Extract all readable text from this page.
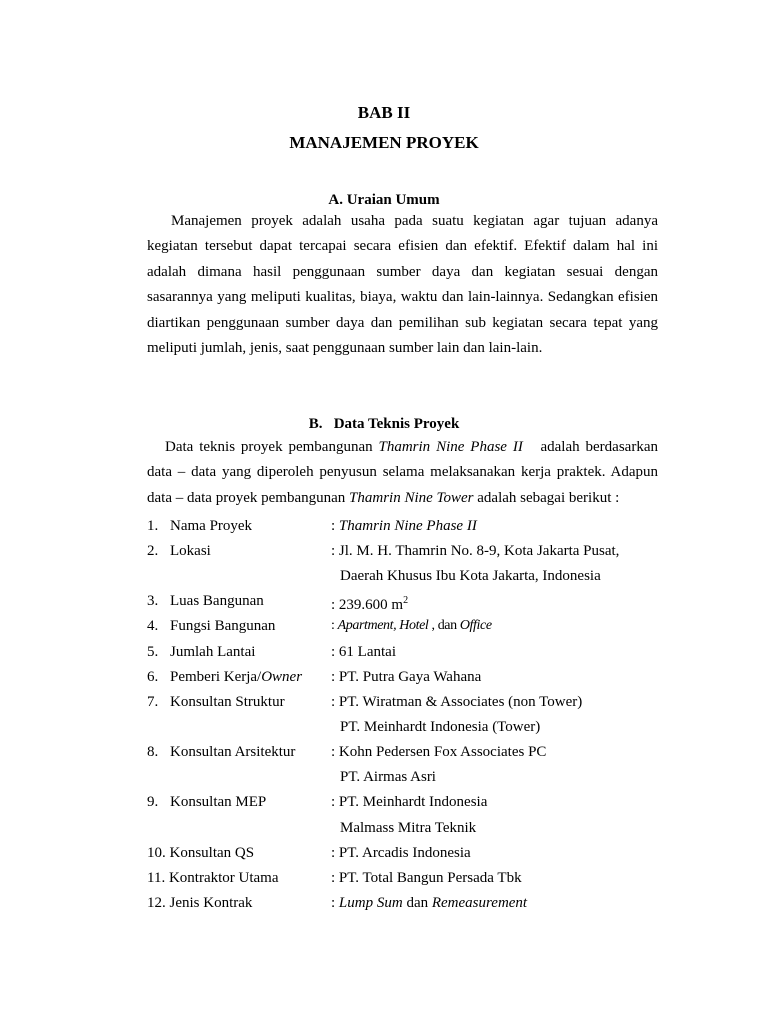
BAB II
MANAJEMEN PROYEK
A. Uraian Umum
Manajemen proyek adalah usaha pada suatu kegiatan agar tujuan adanya kegiatan tersebut dapat tercapai secara efisien dan efektif. Efektif dalam hal ini adalah dimana hasil penggunaan sumber daya dan kegiatan sesuai dengan sasarannya yang meliputi kualitas, biaya, waktu dan lain-lainnya. Sedangkan efisien diartikan penggunaan sumber daya dan pemilihan sub kegiatan secara tepat yang meliputi jumlah, jenis, saat penggunaan sumber lain dan lain-lain.
B.   Data Teknis Proyek
Data teknis proyek pembangunan Thamrin Nine Phase II   adalah berdasarkan data – data yang diperoleh penyusun selama melaksanakan kerja praktek. Adapun data – data proyek pembangunan Thamrin Nine Tower adalah sebagai berikut :
1. Nama Proyek	: Thamrin Nine Phase II
2. Lokasi	: Jl. M. H. Thamrin No. 8-9, Kota Jakarta Pusat,
Daerah Khusus Ibu Kota Jakarta, Indonesia
3. Luas Bangunan	: 239.600 $m^2$
4. Fungsi Bangunan	: Apartment, Hotel , dan Office
5. Jumlah Lantai	: 61 Lantai
6. Pemberi Kerja/Owner : PT. Putra Gaya Wahana
7. Konsultan Struktur	: PT. Wiratman & Associates (non Tower)
PT. Meinhardt Indonesia (Tower)
8. Konsultan Arsitektur : Kohn Pedersen Fox Associates PC
PT. Airmas Asri
9. Konsultan MEP	: PT. Meinhardt Indonesia
Malmass Mitra Teknik
10. Konsultan QS	: PT. Arcadis Indonesia
11. Kontraktor Utama	: PT. Total Bangun Persada Tbk
12. Jenis Kontrak	: Lump Sum dan Remeasurement
